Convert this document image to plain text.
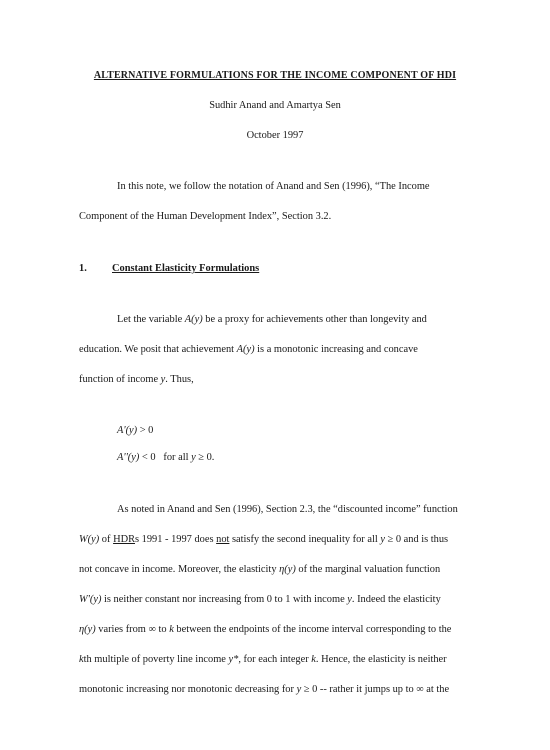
ALTERNATIVE FORMULATIONS FOR THE INCOME COMPONENT OF HDI
Sudhir Anand and Amartya Sen
October 1997
In this note, we follow the notation of Anand and Sen (1996), “The Income
Component of the Human Development Index”, Section 3.2.
1. Constant Elasticity Formulations
Let the variable A(y) be a proxy for achievements other than longevity and
education. We posit that achievement A(y) is a monotonic increasing and concave
function of income y. Thus,
A'(y) > 0
A''(y) < 0   for all y ≥ 0.
As noted in Anand and Sen (1996), Section 2.3, the “discounted income” function
W(y) of HDRs 1991 - 1997 does not satisfy the second inequality for all y ≥ 0 and is thus
not concave in income. Moreover, the elasticity η(y) of the marginal valuation function
W'(y) is neither constant nor increasing from 0 to 1 with income y. Indeed the elasticity
η(y) varies from ∞ to k between the endpoints of the income interval corresponding to the
kth multiple of poverty line income y*, for each integer k. Hence, the elasticity is neither
monotonic increasing nor monotonic decreasing for y ≥ 0 -- rather it jumps up to ∞ at the
